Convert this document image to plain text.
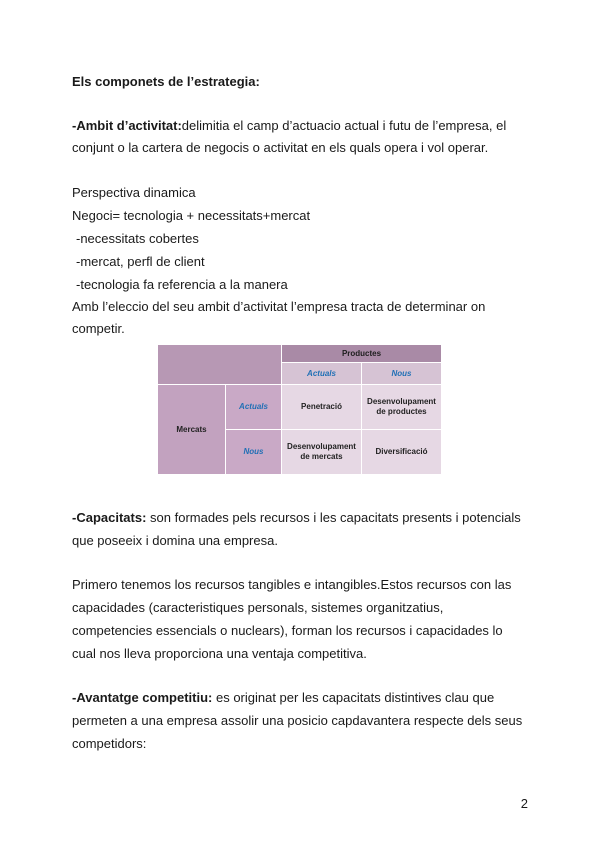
Els componets de l’estrategia:
-Ambit d’activitat:delimitia el camp d’actuacio actual i futu de l’empresa, el
conjunt o la cartera de negocis o activitat en els quals opera i vol operar.
Perspectiva dinamica
Negoci= tecnologia + necessitats+mercat
-necessitats cobertes
-mercat, perfl de client
-tecnologia fa referencia a la manera
Amb l’eleccio del seu ambit d’activitat l’empresa tracta de determinar on
competir.
Productes
Actuals	Nous
Mercats
Actuals
Nous
Penetració
Desenvolupament de productes
Desenvolupament de mercats
Diversificació
-Capacitats: son formades pels recursos i les capacitats presents i potencials
que poseeix i domina una empresa.
Primero tenemos los recursos tangibles e intangibles.Estos recursos con las
capacidades (caracteristiques personals, sistemes organitzatius,
competencies essencials o nuclears), forman los recursos i capacidades lo
cual nos lleva proporciona una ventaja competitiva.
-Avantatge competitiu: es originat per les capacitats distintives clau que
permeten a una empresa assolir una posicio capdavantera respecte dels seus
competidors:
2
